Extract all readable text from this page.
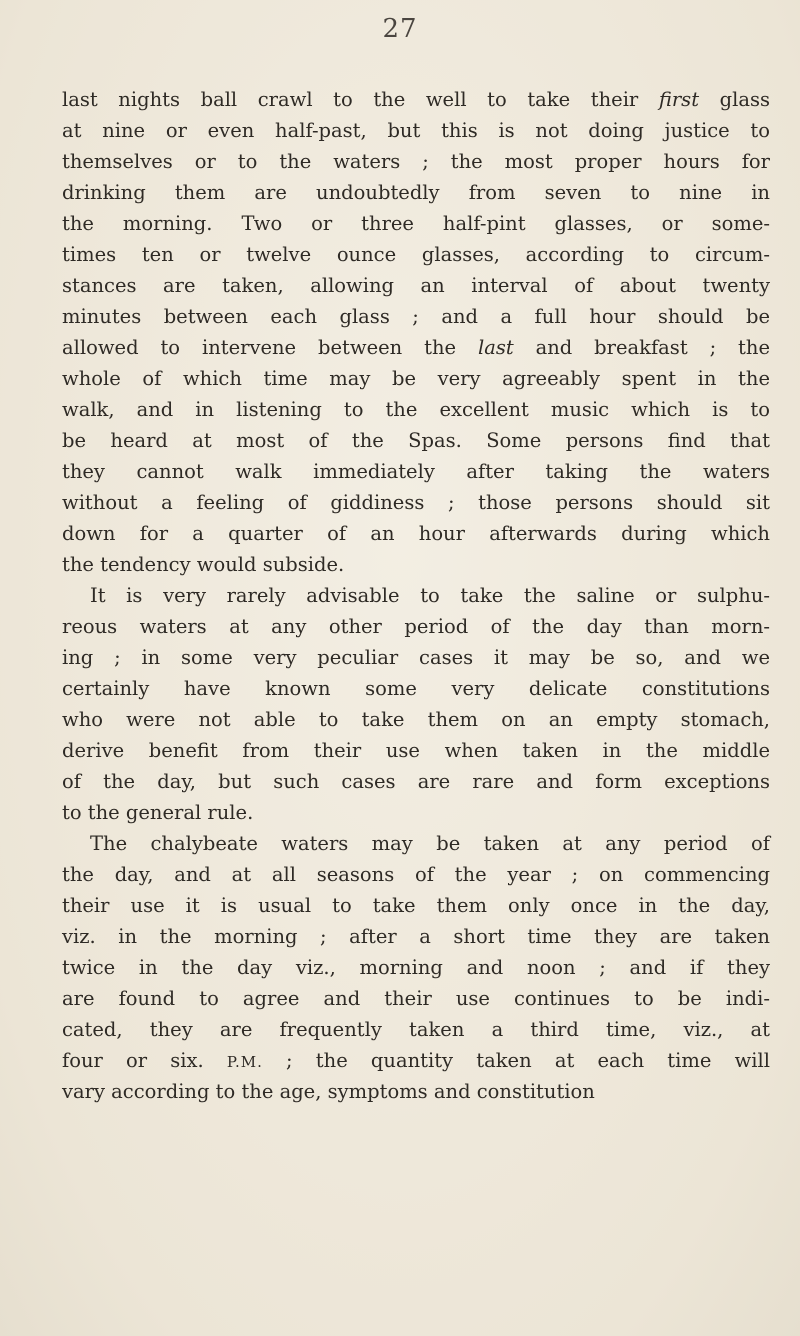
27
last nights ball crawl to the well to take their first glass
at nine or even half-past, but this is not doing justice to
themselves or to the waters ; the most proper hours for
drinking them are undoubtedly from seven to nine in
the morning. Two or three half-pint glasses, or some-
times ten or twelve ounce glasses, according to circum-
stances are taken, allowing an interval of about twenty
minutes between each glass ; and a full hour should be
allowed to intervene between the last and breakfast ; the
whole of which time may be very agreeably spent in the
walk, and in listening to the excellent music which is to
be heard at most of the Spas. Some persons find that
they cannot walk immediately after taking the waters
without a feeling of giddiness ; those persons should sit
down for a quarter of an hour afterwards during which
the tendency would subside.
It is very rarely advisable to take the saline or sulphu-
reous waters at any other period of the day than morn-
ing ; in some very peculiar cases it may be so, and we
certainly have known some very delicate constitutions
who were not able to take them on an empty stomach,
derive benefit from their use when taken in the middle
of the day, but such cases are rare and form exceptions
to the general rule.
The chalybeate waters may be taken at any period of
the day, and at all seasons of the year ; on commencing
their use it is usual to take them only once in the day,
viz. in the morning ; after a short time they are taken
twice in the day viz., morning and noon ; and if they
are found to agree and their use continues to be indi-
cated, they are frequently taken a third time, viz., at
four or six. P.M. ; the quantity taken at each time will
vary according to the age, symptoms and constitution
